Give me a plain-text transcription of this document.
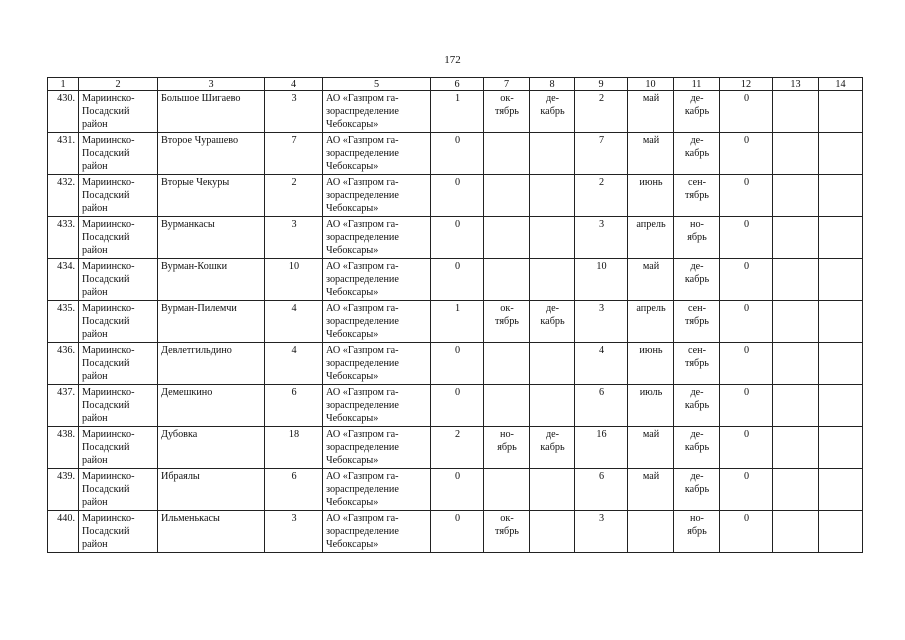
172
1	2	3	4	5	6	7	8	9	10	11	12	13	14
430.	Мариинско-
Посадский
район	Большое Шигаево	3	АО «Газпром га-
зораспределение
Чебоксары»	1	ок-
тябрь	де-
кабрь	2	май	де-
кабрь	0		
431.	Мариинско-
Посадский
район	Второе Чурашево	7	АО «Газпром га-
зораспределение
Чебоксары»	0			7	май	де-
кабрь	0		
432.	Мариинско-
Посадский
район	Вторые Чекуры	2	АО «Газпром га-
зораспределение
Чебоксары»	0			2	июнь	сен-
тябрь	0		
433.	Мариинско-
Посадский
район	Вурманкасы	3	АО «Газпром га-
зораспределение
Чебоксары»	0			3	апрель	но-
ябрь	0		
434.	Мариинско-
Посадский
район	Вурман-Кошки	10	АО «Газпром га-
зораспределение
Чебоксары»	0			10	май	де-
кабрь	0		
435.	Мариинско-
Посадский
район	Вурман-Пилемчи	4	АО «Газпром га-
зораспределение
Чебоксары»	1	ок-
тябрь	де-
кабрь	3	апрель	сен-
тябрь	0		
436.	Мариинско-
Посадский
район	Девлетгильдино	4	АО «Газпром га-
зораспределение
Чебоксары»	0			4	июнь	сен-
тябрь	0		
437.	Мариинско-
Посадский
район	Демешкино	6	АО «Газпром га-
зораспределение
Чебоксары»	0			6	июль	де-
кабрь	0		
438.	Мариинско-
Посадский
район	Дубовка	18	АО «Газпром га-
зораспределение
Чебоксары»	2	но-
ябрь	де-
кабрь	16	май	де-
кабрь	0		
439.	Мариинско-
Посадский
район	Ибраялы	6	АО «Газпром га-
зораспределение
Чебоксары»	0			6	май	де-
кабрь	0		
440.	Мариинско-
Посадский
район	Ильменькасы	3	АО «Газпром га-
зораспределение
Чебоксары»	0	ок-
тябрь		3		но-
ябрь	0		
